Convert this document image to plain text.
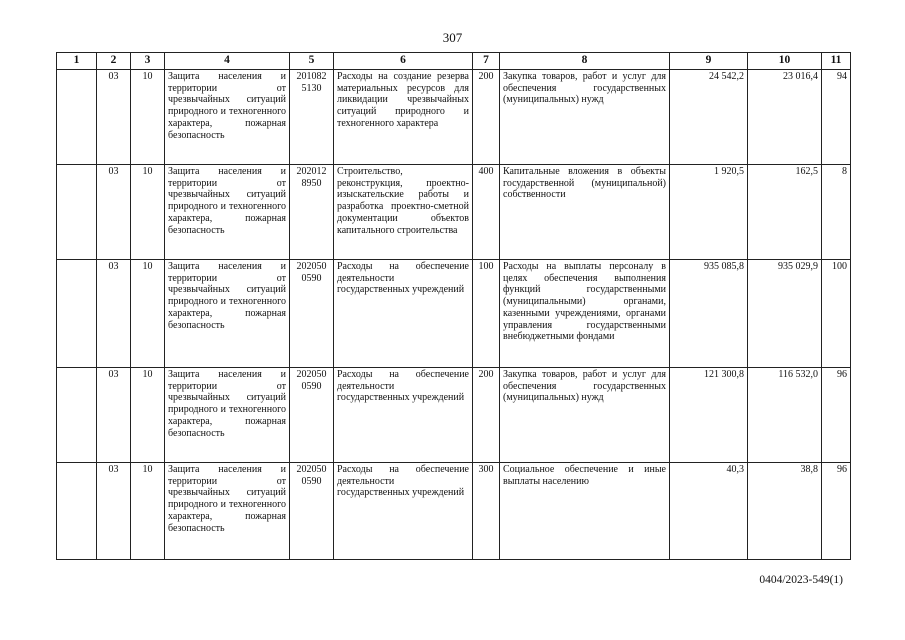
307
1	2	3	4	5	6	7	8	9	10	11
	03	10	Защита населения и территории от чрезвычайных ситуаций природного и техногенного характера, пожарная безопасность	201082 5130	Расходы на создание резерва материальных ресурсов для ликвидации чрезвычайных ситуаций природного и техногенного характера	200	Закупка товаров, работ и услуг для обеспечения государственных (муниципальных) нужд	24 542,2	23 016,4	94
	03	10	Защита населения и территории от чрезвычайных ситуаций природного и техногенного характера, пожарная безопасность	202012 8950	Строительство, реконструкция, проектно-изыскательские работы и разработка проектно-сметной документации объектов капитального строительства	400	Капитальные вложения в объекты государственной (муниципальной) собственности	1 920,5	162,5	8
	03	10	Защита населения и территории от чрезвычайных ситуаций природного и техногенного характера, пожарная безопасность	202050 0590	Расходы на обеспечение деятельности государственных учреждений	100	Расходы на выплаты персоналу в целях обеспечения выполнения функций государственными (муниципальными) органами, казенными учреждениями, органами управления государственными внебюджетными фондами	935 085,8	935 029,9	100
	03	10	Защита населения и территории от чрезвычайных ситуаций природного и техногенного характера, пожарная безопасность	202050 0590	Расходы на обеспечение деятельности государственных учреждений	200	Закупка товаров, работ и услуг для обеспечения государственных (муниципальных) нужд	121 300,8	116 532,0	96
	03	10	Защита населения и территории от чрезвычайных ситуаций природного и техногенного характера, пожарная безопасность	202050 0590	Расходы на обеспечение деятельности государственных учреждений	300	Социальное обеспечение и иные выплаты населению	40,3	38,8	96
0404/2023-549(1)
